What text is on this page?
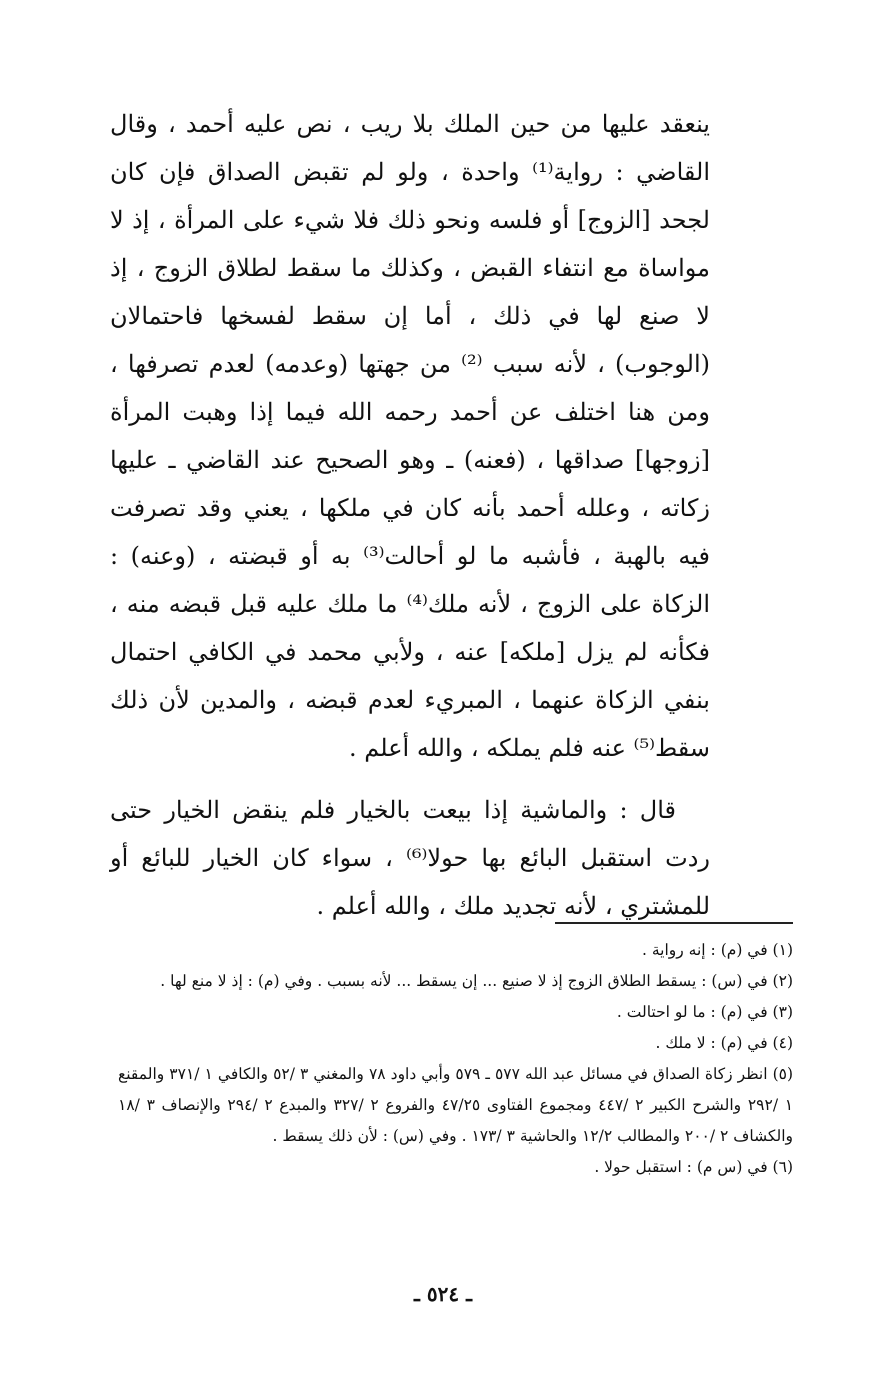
ينعقد عليها من حين الملك بلا ريب ، نص عليه أحمد ، وقال القاضي : رواية⁽¹⁾ واحدة ، ولو لم تقبض الصداق فإن كان لجحد [الزوج] أو فلسه ونحو ذلك فلا شيء على المرأة ، إذ لا مواساة مع انتفاء القبض ، وكذلك ما سقط لطلاق الزوج ، إذ لا صنع لها في ذلك ، أما إن سقط لفسخها فاحتمالان (الوجوب) ، لأنه سبب ⁽²⁾ من جهتها (وعدمه) لعدم تصرفها ، ومن هنا اختلف عن أحمد رحمه الله فيما إذا وهبت المرأة [زوجها] صداقها ، (فعنه) ـ وهو الصحيح عند القاضي ـ عليها زكاته ، وعلله أحمد بأنه كان في ملكها ، يعني وقد تصرفت فيه بالهبة ، فأشبه ما لو أحالت⁽³⁾ به أو قبضته ، (وعنه) : الزكاة على الزوج ، لأنه ملك⁽⁴⁾ ما ملك عليه قبل قبضه منه ، فكأنه لم يزل [ملكه] عنه ، ولأبي محمد في الكافي احتمال بنفي الزكاة عنهما ، المبريء لعدم قبضه ، والمدين لأن ذلك سقط⁽⁵⁾ عنه فلم يملكه ، والله أعلم .

قال : والماشية إذا بيعت بالخيار فلم ينقض الخيار حتى ردت استقبل البائع بها حولا⁽⁶⁾ ، سواء كان الخيار للبائع أو للمشتري ، لأنه تجديد ملك ، والله أعلم .

(١) في (م) : إنه رواية .
(٢) في (س) : يسقط الطلاق الزوج إذ لا صنيع ... إن يسقط ... لأنه بسبب . وفي (م) : إذ لا منع لها .
(٣) في (م) : ما لو احتالت .
(٤) في (م) : لا ملك .
(٥) انظر زكاة الصداق في مسائل عبد الله ٥٧٧ ـ ٥٧٩ وأبي داود ٧٨ والمغني ٣ /٥٢ والكافي ١ /٣٧١ والمقنع ١ /٢٩٢ والشرح الكبير ٢ /٤٤٧ ومجموع الفتاوى ٤٧/٢٥ والفروع ٢ /٣٢٧ والمبدع ٢ /٢٩٤ والإنصاف ٣ /١٨ والكشاف ٢ /٢٠٠ والمطالب ١٢/٢ والحاشية ٣ /١٧٣ . وفي (س) : لأن ذلك يسقط .
(٦) في (س م) : استقبل حولا .
ـ ٥٢٤ ـ
